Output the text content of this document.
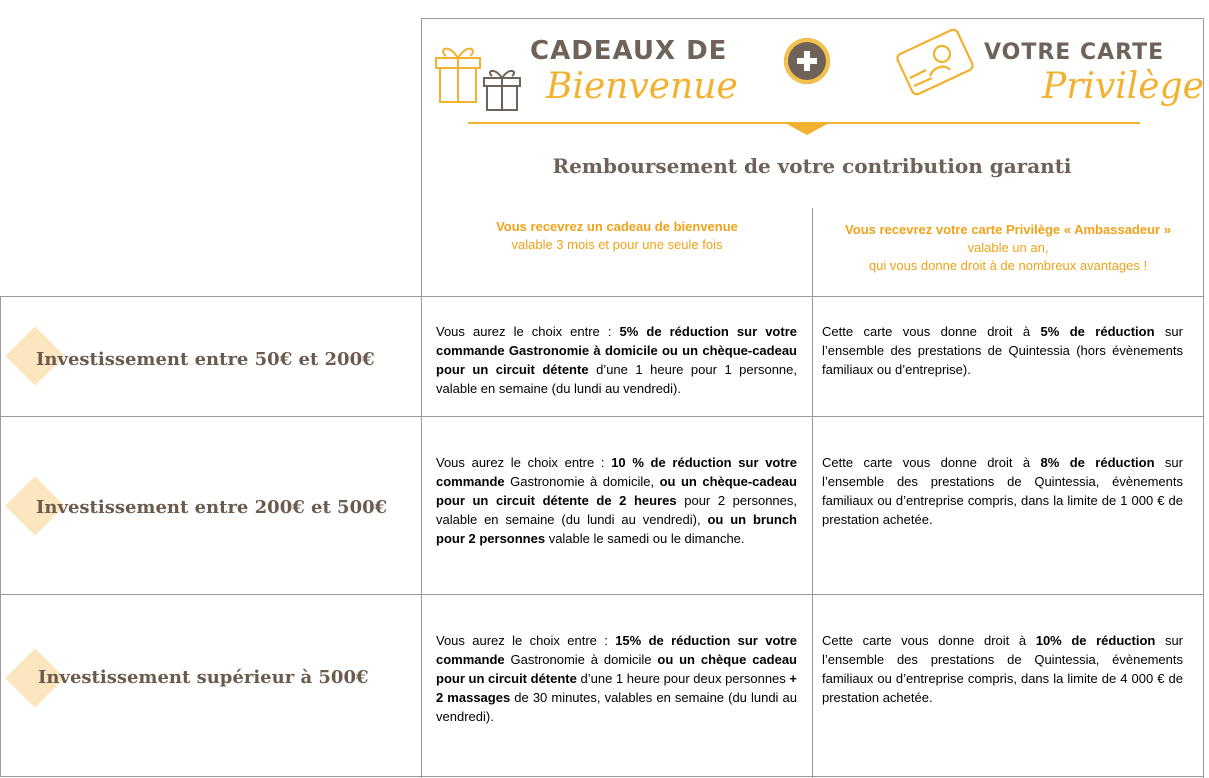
CADEAUX DE
Bienvenue
VOTRE CARTE
Privilège
Remboursement de votre contribution garanti
Vous recevrez un cadeau de bienvenue
valable 3 mois et pour une seule fois
Vous recevrez votre carte Privilège « Ambassadeur »
valable un an,
qui vous donne droit à de nombreux avantages !
Investissement entre 50€ et 200€
Investissement entre 200€ et 500€
Investissement supérieur à 500€
Vous aurez le choix entre : 5% de réduction sur votre commande Gastronomie à domicile ou un chèque-cadeau pour un circuit détente d’une 1 heure pour 1 personne, valable en semaine (du lundi au vendredi).
Cette carte vous donne droit à 5% de réduction sur l’ensemble des prestations de Quintessia (hors évènements familiaux ou d’entreprise).
Vous aurez le choix entre : 10 % de réduction sur votre commande Gastronomie à domicile, ou un chèque-cadeau pour un circuit détente de 2 heures pour 2 personnes, valable en semaine (du lundi au vendredi), ou un brunch pour 2 personnes valable le samedi ou le dimanche.
Cette carte vous donne droit à 8% de réduction sur l’ensemble des prestations de Quintessia, évènements familiaux ou d’entreprise compris, dans la limite de 1 000 € de prestation achetée.
Vous aurez le choix entre : 15% de réduction sur votre commande Gastronomie à domicile ou un chèque cadeau pour un circuit détente d’une 1 heure pour deux personnes + 2 massages de 30 minutes, valables en semaine (du lundi au vendredi).
Cette carte vous donne droit à 10% de réduction sur l’ensemble des prestations de Quintessia, évènements familiaux ou d’entreprise compris, dans la limite de 4 000 € de prestation achetée.
